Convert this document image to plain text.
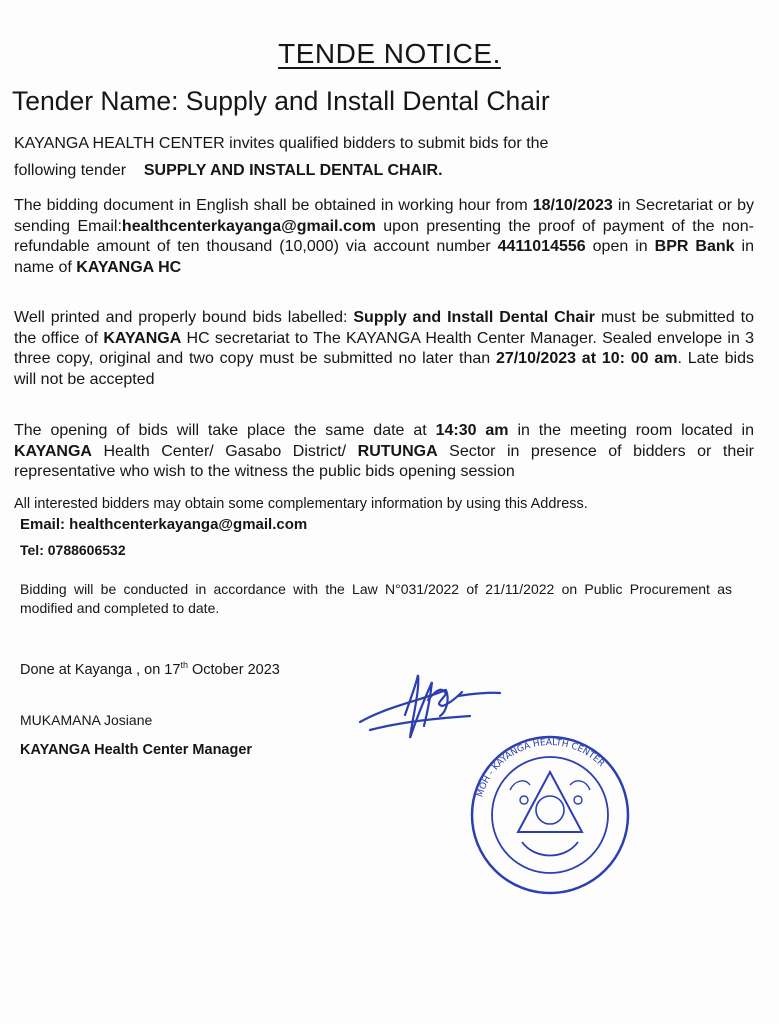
TENDE NOTICE.
Tender Name: Supply and Install Dental Chair
KAYANGA HEALTH CENTER invites qualified bidders to submit bids for the
following tender SUPPLY AND INSTALL DENTAL CHAIR.
The bidding document in English shall be obtained in working hour from 18/10/2023 in Secretariat or by sending Email:healthcenterkayanga@gmail.com upon presenting the proof of payment of the non-refundable amount of ten thousand (10,000) via account number 4411014556 open in BPR Bank in name of KAYANGA HC
Well printed and properly bound bids labelled: Supply and Install Dental Chair must be submitted to the office of KAYANGA HC secretariat to The KAYANGA Health Center Manager. Sealed envelope in 3 three copy, original and two copy must be submitted no later than 27/10/2023 at 10: 00 am. Late bids will not be accepted
The opening of bids will take place the same date at 14:30 am in the meeting room located in KAYANGA Health Center/ Gasabo District/ RUTUNGA Sector in presence of bidders or their representative who wish to the witness the public bids opening session
All interested bidders may obtain some complementary information by using this Address.
Email: healthcenterkayanga@gmail.com
Tel: 0788606532
Bidding will be conducted in accordance with the Law N°031/2022 of 21/11/2022 on Public Procurement as modified and completed to date.
Done at Kayanga , on 17th October 2023
MUKAMANA Josiane
KAYANGA Health Center Manager
MOH - KAYANGA HEALTH CENTER
